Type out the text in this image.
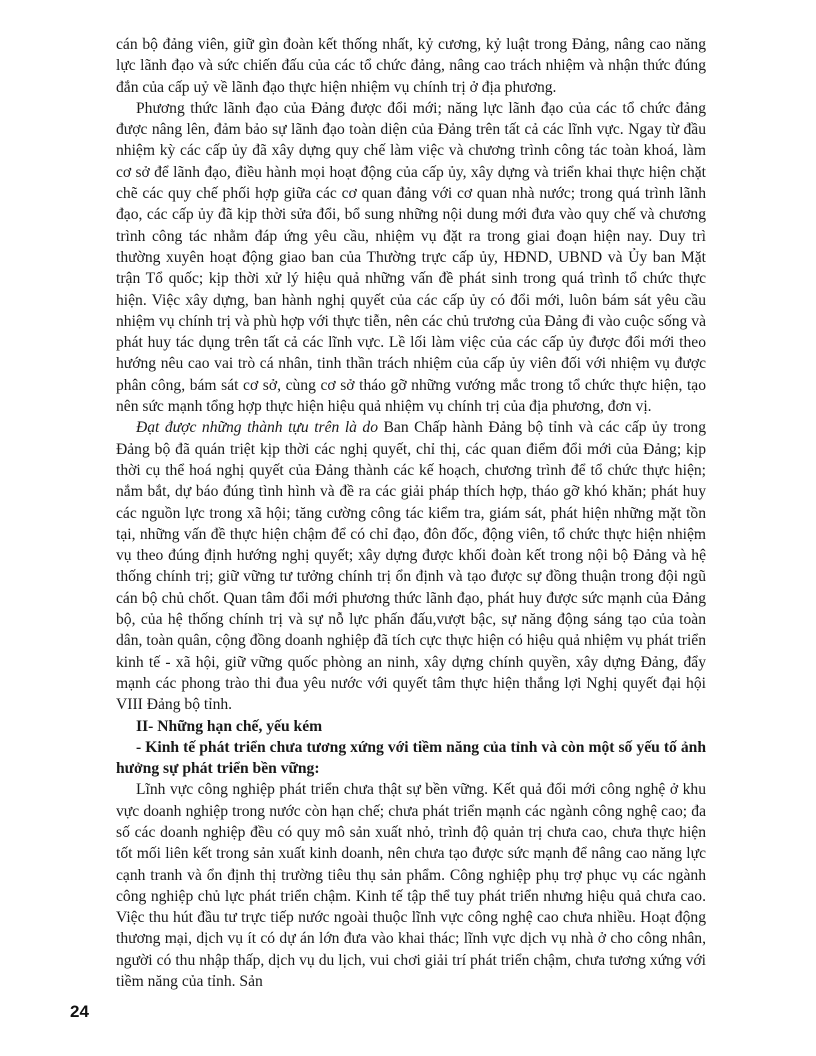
cán bộ đảng viên, giữ gìn đoàn kết thống nhất, kỷ cương, kỷ luật trong Đảng, nâng cao năng lực lãnh đạo và sức chiến đấu của các tổ chức đảng, nâng cao trách nhiệm và nhận thức đúng đắn của cấp uỷ về lãnh đạo thực hiện nhiệm vụ chính trị ở địa phương.

Phương thức lãnh đạo của Đảng được đổi mới; năng lực lãnh đạo của các tổ chức đảng được nâng lên, đảm bảo sự lãnh đạo toàn diện của Đảng trên tất cả các lĩnh vực. Ngay từ đầu nhiệm kỳ các cấp ủy đã xây dựng quy chế làm việc và chương trình công tác toàn khoá, làm cơ sở để lãnh đạo, điều hành mọi hoạt động của cấp ủy, xây dựng và triển khai thực hiện chặt chẽ các quy chế phối hợp giữa các cơ quan đảng với cơ quan nhà nước; trong quá trình lãnh đạo, các cấp ủy đã kịp thời sửa đổi, bổ sung những nội dung mới đưa vào quy chế và chương trình công tác nhằm đáp ứng yêu cầu, nhiệm vụ đặt ra trong giai đoạn hiện nay. Duy trì thường xuyên hoạt động giao ban của Thường trực cấp ủy, HĐND, UBND và Ủy ban Mặt trận Tổ quốc; kịp thời xử lý hiệu quả những vấn đề phát sinh trong quá trình tổ chức thực hiện. Việc xây dựng, ban hành nghị quyết của các cấp ủy có đổi mới, luôn bám sát yêu cầu nhiệm vụ chính trị và phù hợp với thực tiễn, nên các chủ trương của Đảng đi vào cuộc sống và phát huy tác dụng trên tất cả các lĩnh vực. Lề lối làm việc của các cấp ủy được đổi mới theo hướng nêu cao vai trò cá nhân, tinh thần trách nhiệm của cấp ủy viên đối với nhiệm vụ được phân công, bám sát cơ sở, cùng cơ sở tháo gỡ những vướng mắc trong tổ chức thực hiện, tạo nên sức mạnh tổng hợp thực hiện hiệu quả nhiệm vụ chính trị của địa phương, đơn vị.

Đạt được những thành tựu trên là do Ban Chấp hành Đảng bộ tỉnh và các cấp ủy trong Đảng bộ đã quán triệt kịp thời các nghị quyết, chỉ thị, các quan điểm đổi mới của Đảng; kịp thời cụ thể hoá nghị quyết của Đảng thành các kế hoạch, chương trình để tổ chức thực hiện; nắm bắt, dự báo đúng tình hình và đề ra các giải pháp thích hợp, tháo gỡ khó khăn; phát huy các nguồn lực trong xã hội; tăng cường công tác kiểm tra, giám sát, phát hiện những mặt tồn tại, những vấn đề thực hiện chậm để có chỉ đạo, đôn đốc, động viên, tổ chức thực hiện nhiệm vụ theo đúng định hướng nghị quyết; xây dựng được khối đoàn kết trong nội bộ Đảng và hệ thống chính trị; giữ vững tư tưởng chính trị ổn định và tạo được sự đồng thuận trong đội ngũ cán bộ chủ chốt. Quan tâm đổi mới phương thức lãnh đạo, phát huy được sức mạnh của Đảng bộ, của hệ thống chính trị và sự nỗ lực phấn đấu,vượt bậc, sự năng động sáng tạo của toàn dân, toàn quân, cộng đồng doanh nghiệp đã tích cực thực hiện có hiệu quả nhiệm vụ phát triển kinh tế - xã hội, giữ vững quốc phòng an ninh, xây dựng chính quyền, xây dựng Đảng, đẩy mạnh các phong trào thi đua yêu nước với quyết tâm thực hiện thắng lợi Nghị quyết đại hội VIII Đảng bộ tỉnh.

II- Những hạn chế, yếu kém

- Kinh tế phát triển chưa tương xứng với tiềm năng của tỉnh và còn một số yếu tố ảnh hưởng sự phát triển bền vững:

Lĩnh vực công nghiệp phát triển chưa thật sự bền vững. Kết quả đổi mới công nghệ ở khu vực doanh nghiệp trong nước còn hạn chế; chưa phát triển mạnh các ngành công nghệ cao; đa số các doanh nghiệp đều có quy mô sản xuất nhỏ, trình độ quản trị chưa cao, chưa thực hiện tốt mối liên kết trong sản xuất kinh doanh, nên chưa tạo được sức mạnh để nâng cao năng lực cạnh tranh và ổn định thị trường tiêu thụ sản phẩm. Công nghiệp phụ trợ phục vụ các ngành công nghiệp chủ lực phát triển chậm. Kinh tế tập thể tuy phát triển nhưng hiệu quả chưa cao. Việc thu hút đầu tư trực tiếp nước ngoài thuộc lĩnh vực công nghệ cao chưa nhiều. Hoạt động thương mại, dịch vụ ít có dự án lớn đưa vào khai thác; lĩnh vực dịch vụ nhà ở cho công nhân, người có thu nhập thấp, dịch vụ du lịch, vui chơi giải trí phát triển chậm, chưa tương xứng với tiềm năng của tỉnh. Sản

24
